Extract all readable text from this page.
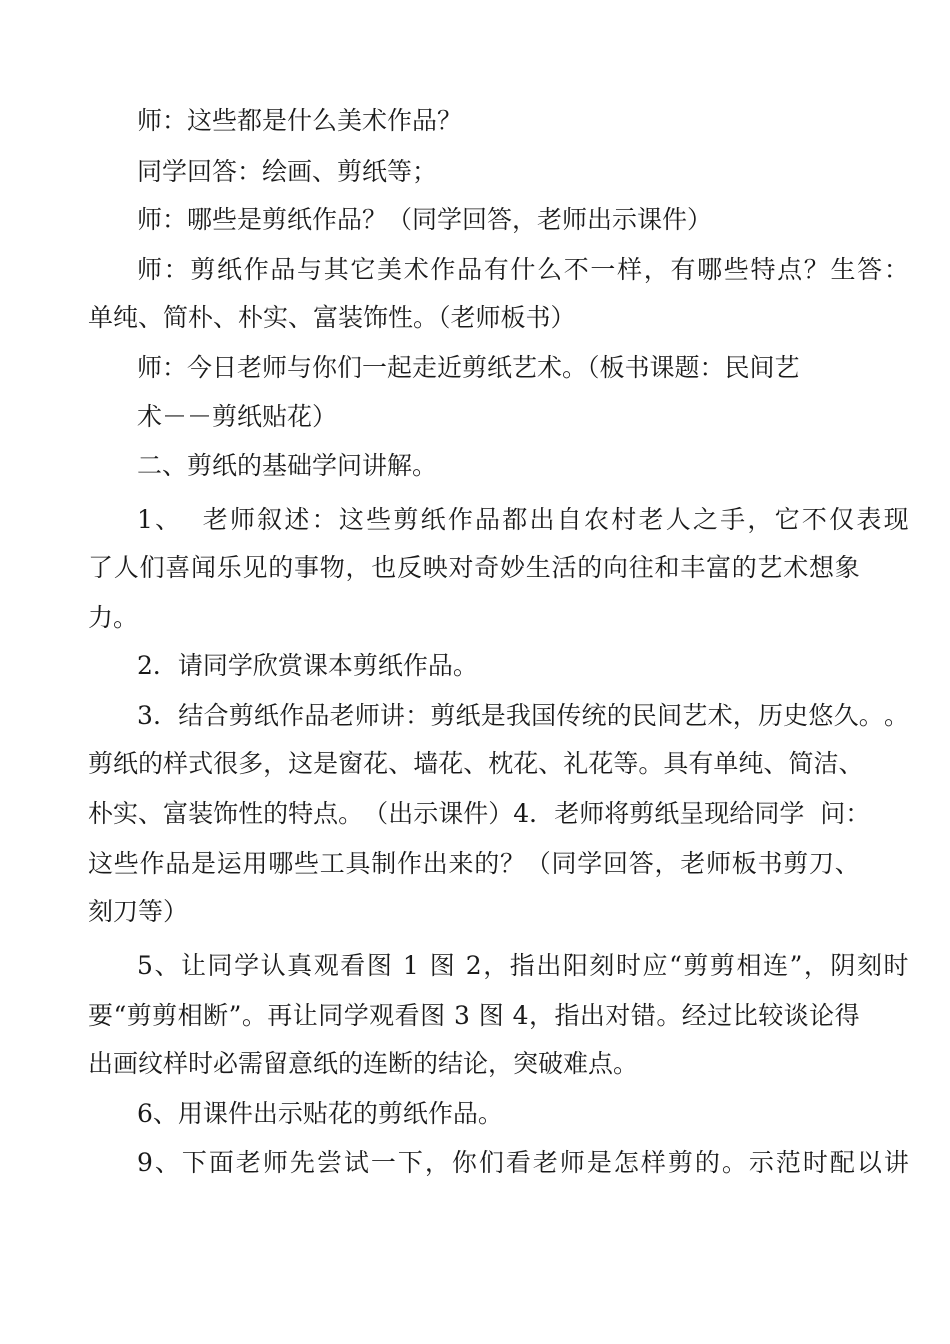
师：这些都是什么美术作品？
同学回答：绘画、剪纸等；
师：哪些是剪纸作品？（同学回答，老师出示课件）
师 ： 剪 纸 作 品 与 其 它 美 术 作 品 有 什 么 不 一 样 ， 有 哪 些 特 点 ？ 生 答 ：
单纯、简朴、朴实、富装饰性。（老师板书）
师：今日老师与你们一起走近剪纸艺术。（板书课题：民间艺
术－－剪纸贴花）
二、剪纸的基础学问讲解。
1 、

老 师 叙 述 ： 这 些 剪 纸 作 品 都 出 自 农 村 老 人 之 手 ， 它 不 仅 表 现
了 人 们 喜 闻 乐 见 的 事 物 ， 也 反 映 对 奇 妙 生 活 的 向 往 和 丰 富 的 艺 术 想 象
力。
2．请同学欣赏课本剪纸作品。
3 ． 结 合 剪 纸 作 品 老 师 讲 ： 剪 纸 是 我 国 传 统 的 民 间 艺 术 ， 历 史 悠 久 。 。
剪 纸 的 样 式 很 多 ， 这 是 窗 花 、 墙 花 、 枕 花 、 礼 花 等 。 具 有 单 纯 、 简 洁 、
朴 实 、 富 装 饰 性 的 特 点 。 （ 出 示 课 件 ） 4 ． 老 师 将 剪 纸 呈 现 给 同 学

问 ：
这 些 作 品 是 运 用 哪 些 工 具 制 作 出 来 的 ？ （ 同 学 回 答 ， 老 师 板 书 剪 刀 、
刻刀等）
5 、 让 同 学 认 真 观 看 图
1
图
2 ， 指 出 阳 刻 时 应 “ 剪 剪 相 连 ” ， 阴 刻 时
要 “ 剪 剪 相 断 ” 。 再 让 同 学 观 看 图
3
图
4 ， 指 出 对 错 。 经 过 比 较 谈 论 得
出画纹样时必需留意纸的连断的结论，突破难点。
6、用课件出示贴花的剪纸作品。
9 、 下 面 老 师 先 尝 试 一 下 ， 你 们 看 老 师 是 怎 样 剪 的 。 示 范 时 配 以 讲
